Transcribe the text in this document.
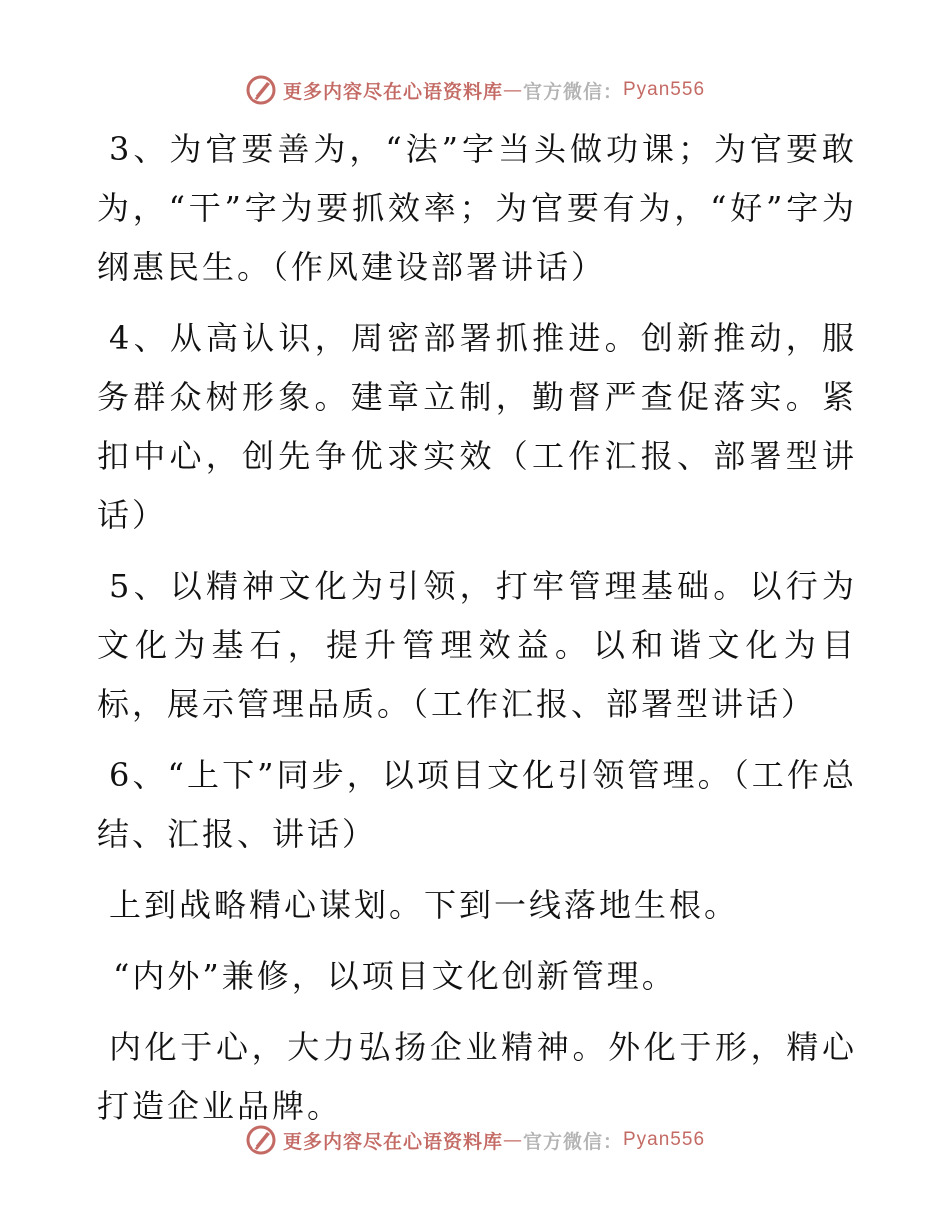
更多内容尽在心语资料库 — 官方微信： Pyan556

3、为官要善为，“法”字当头做功课；为官要敢为，“干”字为要抓效率；为官要有为，“好”字为纲惠民生。（作风建设部署讲话）

4、从高认识，周密部署抓推进。创新推动，服务群众树形象。建章立制，勤督严查促落实。紧扣中心，创先争优求实效（工作汇报、部署型讲话）

5、以精神文化为引领，打牢管理基础。以行为文化为基石，提升管理效益。以和谐文化为目标，展示管理品质。（工作汇报、部署型讲话）

6、“上下”同步，以项目文化引领管理。（工作总结、汇报、讲话）

上到战略精心谋划。下到一线落地生根。

“内外”兼修，以项目文化创新管理。

内化于心，大力弘扬企业精神。外化于形，精心打造企业品牌。

更多内容尽在心语资料库 — 官方微信： Pyan556
